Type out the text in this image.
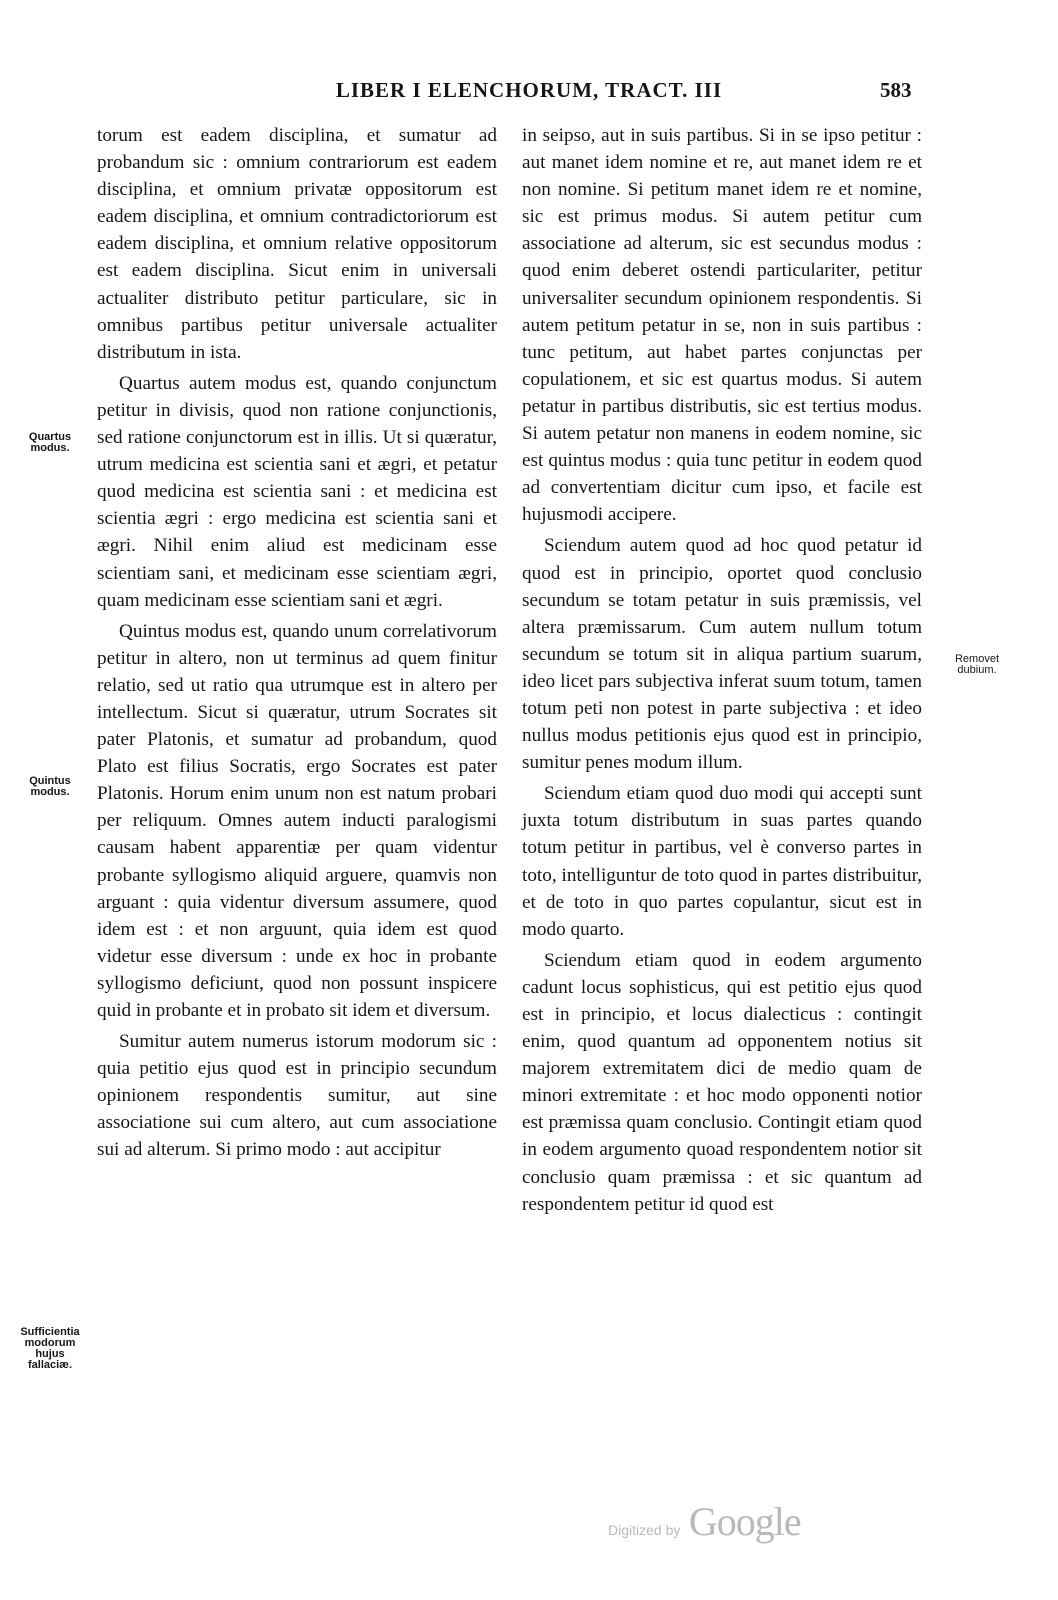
LIBER I ELENCHORUM, TRACT. III	583

torum est eadem disciplina, et sumatur ad probandum sic : omnium contrariorum est eadem disciplina, et omnium privatæ oppositorum est eadem disciplina, et omnium contradictoriorum est eadem disciplina, et omnium relative oppositorum est eadem disciplina. Sicut enim in universali actualiter distributo petitur particulare, sic in omnibus partibus petitur universale actualiter distributum in ista.

Quartus autem modus est, quando conjunctum petitur in divisis, quod non ratione conjunctionis, sed ratione conjunctorum est in illis. Ut si quæratur, utrum medicina est scientia sani et ægri, et petatur quod medicina est scientia sani : et medicina est scientia ægri : ergo medicina est scientia sani et ægri. Nihil enim aliud est medicinam esse scientiam sani, et medicinam esse scientiam ægri, quam medicinam esse scientiam sani et ægri.

Quintus modus est, quando unum correlativorum petitur in altero, non ut terminus ad quem finitur relatio, sed ut ratio qua utrumque est in altero per intellectum. Sicut si quæratur, utrum Socrates sit pater Platonis, et sumatur ad probandum, quod Plato est filius Socratis, ergo Socrates est pater Platonis. Horum enim unum non est natum probari per reliquum. Omnes autem inducti paralogismi causam habent apparentiæ per quam videntur probante syllogismo aliquid arguere, quamvis non arguant : quia videntur diversum assumere, quod idem est : et non arguunt, quia idem est quod videtur esse diversum : unde ex hoc in probante syllogismo deficiunt, quod non possunt inspicere quid in probante et in probato sit idem et diversum.

Sumitur autem numerus istorum modorum sic : quia petitio ejus quod est in principio secundum opinionem respondentis sumitur, aut sine associatione sui cum altero, aut cum associatione sui ad alterum. Si primo modo : aut accipitur

in seipso, aut in suis partibus. Si in se ipso petitur : aut manet idem nomine et re, aut manet idem re et non nomine. Si petitum manet idem re et nomine, sic est primus modus. Si autem petitur cum associatione ad alterum, sic est secundus modus : quod enim deberet ostendi particulariter, petitur universaliter secundum opinionem respondentis. Si autem petitum petatur in se, non in suis partibus : tunc petitum, aut habet partes conjunctas per copulationem, et sic est quartus modus. Si autem petatur in partibus distributis, sic est tertius modus. Si autem petatur non manens in eodem nomine, sic est quintus modus : quia tunc petitur in eodem quod ad convertentiam dicitur cum ipso, et facile est hujusmodi accipere.

Sciendum autem quod ad hoc quod petatur id quod est in principio, oportet quod conclusio secundum se totam petatur in suis præmissis, vel altera præmissarum. Cum autem nullum totum secundum se totum sit in aliqua partium suarum, ideo licet pars subjectiva inferat suum totum, tamen totum peti non potest in parte subjectiva : et ideo nullus modus petitionis ejus quod est in principio, sumitur penes modum illum.

Sciendum etiam quod duo modi qui accepti sunt juxta totum distributum in suas partes quando totum petitur in partibus, vel è converso partes in toto, intelliguntur de toto quod in partes distribuitur, et de toto in quo partes copulantur, sicut est in modo quarto.

Sciendum etiam quod in eodem argumento cadunt locus sophisticus, qui est petitio ejus quod est in principio, et locus dialecticus : contingit enim, quod quantum ad opponentem notius sit majorem extremitatem dici de medio quam de minori extremitate : et hoc modo opponenti notior est præmissa quam conclusio. Contingit etiam quod in eodem argumento quoad respondentem notior sit conclusio quam præmissa : et sic quantum ad respondentem petitur id quod est

Quartus modus.
Quintus modus.
Sufficientia modorum hujus fallaciæ.
Removet dubium.
Digitized by Google
